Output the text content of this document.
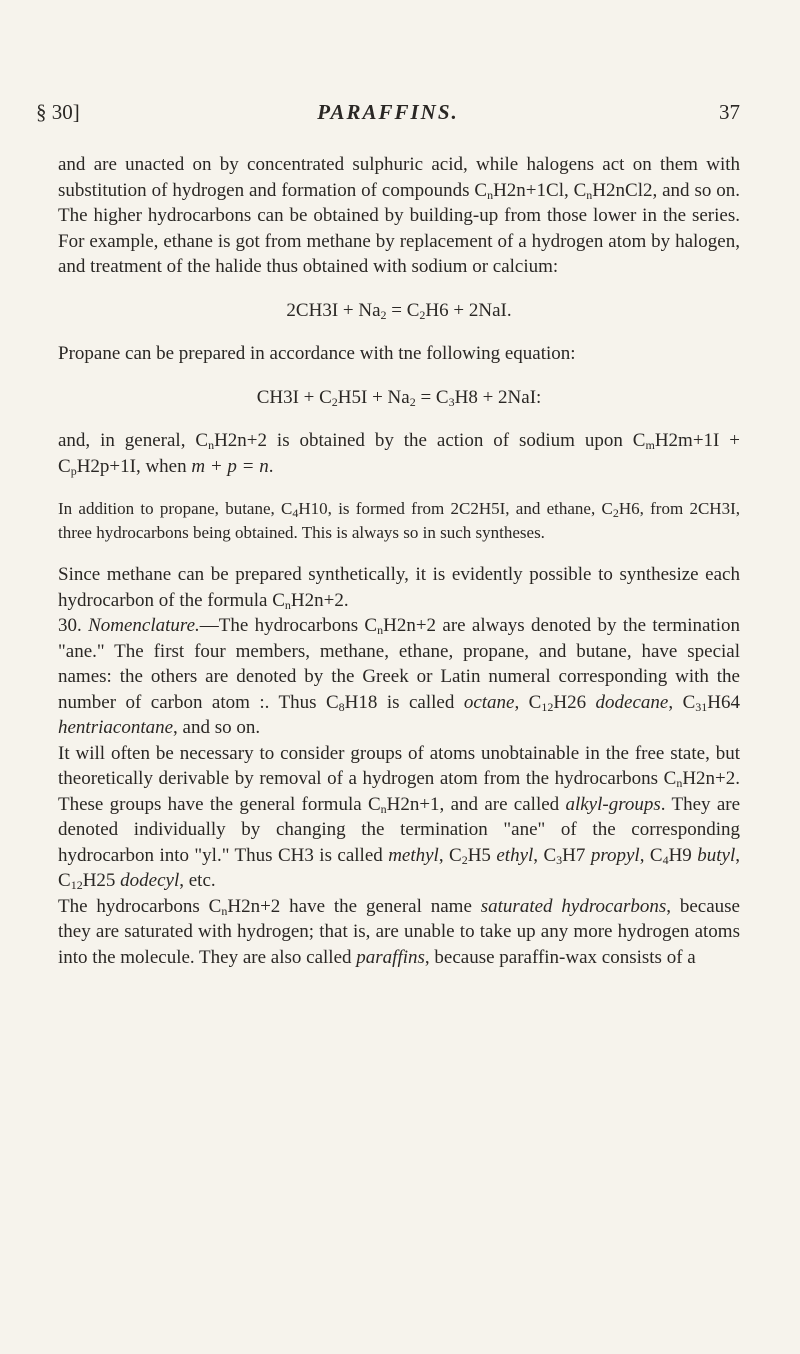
§ 30]	PARAFFINS.	37

and are unacted on by concentrated sulphuric acid, while halogens act on them with substitution of hydrogen and formation of compounds $C_nH2n+1Cl$, $C_nH2nCl2$, and so on. The higher hydrocarbons can be obtained by building-up from those lower in the series. For example, ethane is got from methane by replacement of a hydrogen atom by halogen, and treatment of the halide thus obtained with sodium or calcium:

$2CH3I + Na_2 = C_2H6 + 2NaI$.

Propane can be prepared in accordance with tne following equation:

$CH3I + C_2H5I + Na_2 = C_3H8 + 2NaI$:

and, in general, $C_nH2n+2$ is obtained by the action of sodium upon $C_mH2m+1I + C_pH2p+1I$, when m + p = n.

In addition to propane, butane, $C_4H10$, is formed from 2C2H5I, and ethane, $C_2H6$, from 2CH3I, three hydrocarbons being obtained. This is always so in such syntheses.

Since methane can be prepared synthetically, it is evidently possible to synthesize each hydrocarbon of the formula $C_nH2n+2$.

30. Nomenclature.—The hydrocarbons $C_nH2n+2$ are always denoted by the termination "ane." The first four members, methane, ethane, propane, and butane, have special names: the others are denoted by the Greek or Latin numeral corresponding with the number of carbon atom :. Thus $C_8H18$ is called octane, $C_{12}H26$ dodecane, $C_{31}H64$ hentriacontane, and so on.

It will often be necessary to consider groups of atoms unobtainable in the free state, but theoretically derivable by removal of a hydrogen atom from the hydrocarbons $C_nH2n+2$. These groups have the general formula $C_nH2n+1$, and are called alkyl-groups. They are denoted individually by changing the termination "ane" of the corresponding hydrocarbon into "yl." Thus CH3 is called methyl, $C_2H5$ ethyl, $C_3H7$ propyl, $C_4H9$ butyl, $C_{12}H25$ dodecyl, etc.

The hydrocarbons $C_nH2n+2$ have the general name saturated hydrocarbons, because they are saturated with hydrogen; that is, are unable to take up any more hydrogen atoms into the molecule. They are also called paraffins, because paraffin-wax consists of a
